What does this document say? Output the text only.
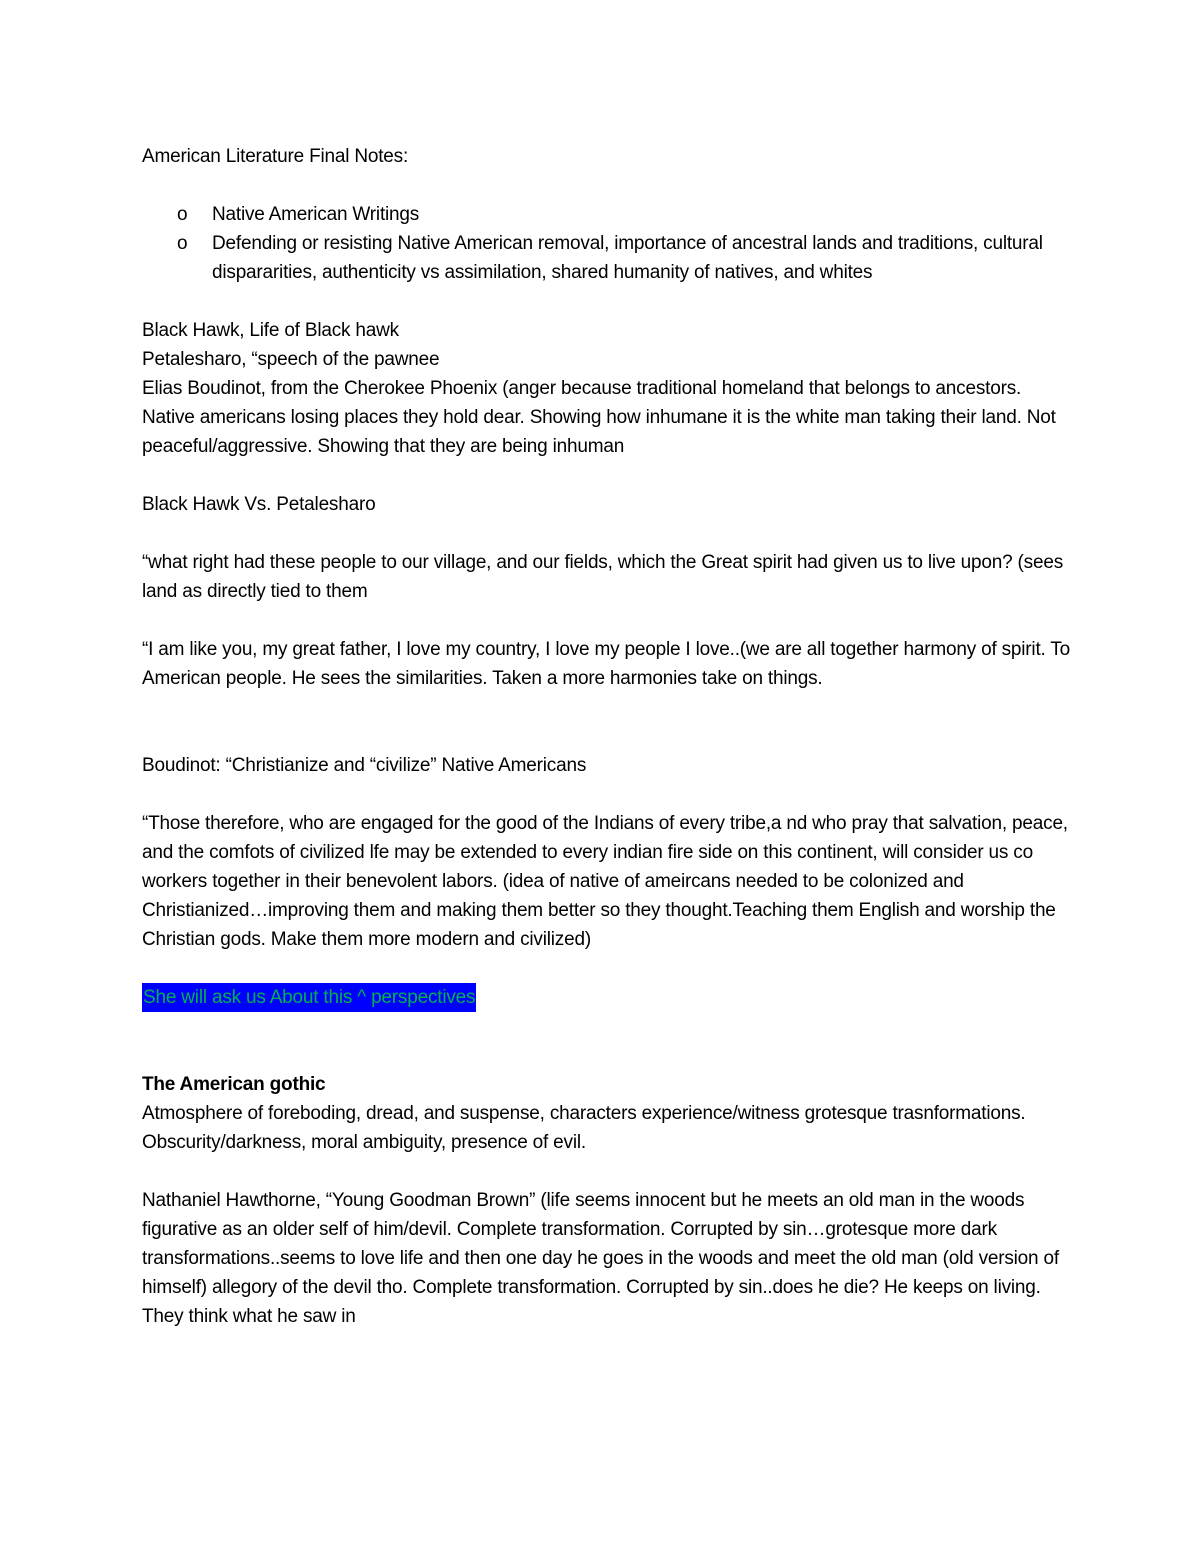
American Literature Final Notes:

o Native American Writings
o Defending or resisting Native American removal, importance of ancestral lands and traditions, cultural dispararities, authenticity vs assimilation, shared humanity of natives, and whites

Black Hawk, Life of Black hawk

Petalesharo, “speech of the pawnee

Elias Boudinot, from the Cherokee Phoenix (anger because traditional homeland that belongs to ancestors. Native americans losing places they hold dear. Showing how inhumane it is the white man taking their land. Not peaceful/aggressive. Showing that they are being inhuman

Black Hawk Vs. Petalesharo

“what right had these people to our village, and our fields, which the Great spirit had given us to live upon? (sees land as directly tied to them

“I am like you, my great father, I love my country, I love my people I love..(we are all together harmony of spirit. To American people. He sees the similarities. Taken a more harmonies take on things.

Boudinot: “Christianize and “civilize” Native Americans

“Those therefore, who are engaged for the good of the Indians of every tribe,a nd who pray that salvation, peace, and the comfots of civilized lfe may be extended to every indian fire side on this continent, will consider us co workers together in their benevolent labors. (idea of native of ameircans needed to be colonized and Christianized…improving them and making them better so they thought.Teaching them English and worship the Christian gods. Make them more modern and civilized)

She will ask us About this ^ perspectives

The American gothic

Atmosphere of foreboding, dread, and suspense, characters experience/witness grotesque trasnformations. Obscurity/darkness, moral ambiguity, presence of evil.

Nathaniel Hawthorne, “Young Goodman Brown” (life seems innocent but he meets an old man in the woods figurative as an older self of him/devil. Complete transformation. Corrupted by sin…grotesque more dark transformations..seems to love life and then one day he goes in the woods and meet the old man (old version of himself) allegory of the devil tho. Complete transformation. Corrupted by sin..does he die? He keeps on living. They think what he saw in
